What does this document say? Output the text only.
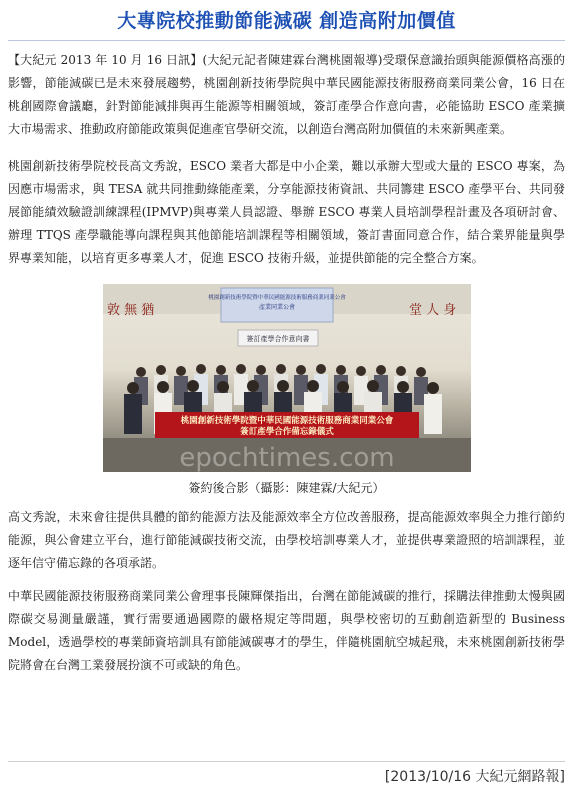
大專院校推動節能減碳 創造高附加價值

【大紀元 2013 年 10 月 16 日訊】(大紀元記者陳建霖台灣桃園報導)受環保意識抬頭與能源價格高漲的影響，節能減碳已是未來發展趨勢，桃園創新技術學院與中華民國能源技術服務商業同業公會，16 日在桃創國際會議廳，針對節能減排與再生能源等相關領域，簽訂產學合作意向書，必能協助 ESCO 產業擴大市場需求、推動政府節能政策與促進產官學研交流，以創造台灣高附加價值的未來新興產業。

桃園創新技術學院校長高文秀說，ESCO 業者大都是中小企業，難以承辦大型或大量的 ESCO 專案，為因應市場需求，與 TESA 就共同推動綠能產業，分享能源技術資訊、共同籌建 ESCO 產學平台、共同發展節能績效驗證訓練課程(IPMVP)與專業人員認證、舉辦 ESCO 專業人員培訓學程計畫及各項研討會、辦理 TTQS 產學職能導向課程與其他節能培訓課程等相關領域，簽訂書面同意合作，結合業界能量與學界專業知能，以培育更多專業人才，促進 ESCO 技術升級，並提供節能的完全整合方案。

桃園創新技術學院暨中華民國能源技術服務商業同業公會
產業同業公會
敦 無 猶	堂 人 身
簽訂產學合作意向書
桃園創新技術學院暨中華民國能源技術服務商業同業公會
簽訂產學合作備忘錄儀式
epochtimes.com
簽約後合影（攝影：陳建霖/大紀元）

高文秀說，未來會往提供具體的節約能源方法及能源效率全方位改善服務，提高能源效率與全力推行節約能源，與公會建立平台，進行節能減碳技術交流，由學校培訓專業人才，並提供專業證照的培訓課程，並逐年信守備忘錄的各項承諾。

中華民國能源技術服務商業同業公會理事長陳輝傑指出，台灣在節能減碳的推行，採購法律推動太慢與國際碳交易測量嚴謹，實行需要通過國際的嚴格規定等問題，與學校密切的互動創造新型的 Business Model，透過學校的專業師資培訓具有節能減碳專才的學生，伴隨桃園航空城起飛，未來桃園創新技術學院將會在台灣工業發展扮演不可或缺的角色。

[2013/10/16 大紀元網路報]
